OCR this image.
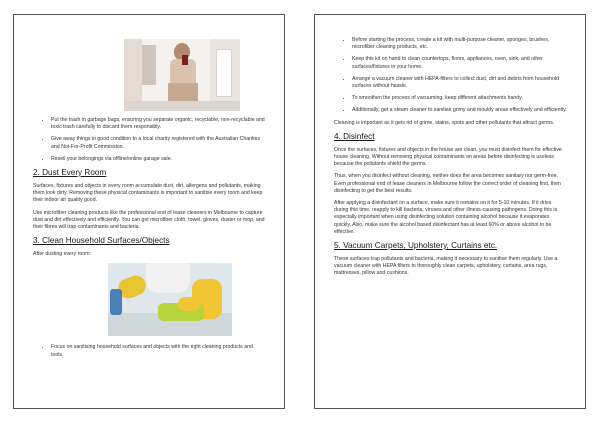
• Put the trash in garbage bags, ensuring you separate organic, recyclable, non-recyclable and toxic trash carefully to discard them responsibly.
• Give away things in good condition to a local charity registered with the Australian Charities and Not-For-Profit Commission.
• Resell your belongings via offline/online garage sale.
2. Dust Every Room

Surfaces, fixtures and objects in every room accumulate dust, dirt, allergens and pollutants, making them look dirty. Removing these physical contaminants is important to sanitise every room and keep their indoor air quality good.

Use microfiber cleaning products like the professional end of lease cleaners in Melbourne to capture dust and dirt effectively and efficiently. You can get microfiber cloth, towel, gloves, duster or mop, and their fibres will trap contaminants and bacteria.

3. Clean Household Surfaces/Objects

After dusting every room:

• Focus on sanitising household surfaces and objects with the right cleaning products and tools.
• Before starting the process, create a kit with multi-purpose cleaner, sponges, brushes, microfiber cleaning products, etc.
• Keep this kit on hand to clean countertops, floors, appliances, oven, sink, and other surfaces/fixtures in your home.
• Arrange a vacuum cleaner with HEPA-filters to collect dust, dirt and debris from household surfaces without hassle.
• To smoothen the process of vacuuming, keep different attachments handy.
• Additionally, get a steam cleaner to sanitise grimy and mouldy areas effectively and efficiently.

Cleaning is important as it gets rid of grime, stains, spots and other pollutants that attract germs.

4. Disinfect

Once the surfaces, fixtures and objects in the house are clean, you must disinfect them for effective house cleaning. Without removing physical contaminants on areas before disinfecting is useless because the pollutants shield the germs.

Thus, when you disinfect without cleaning, neither does the area becomes sanitary nor germ-free. Even professional end of lease cleaners in Melbourne follow the correct order of cleaning first, then disinfecting to get the best results.

After applying a disinfectant on a surface, make sure it remains on it for 5-10 minutes. If it dries during this time, reapply to kill bacteria, viruses and other illness-causing pathogens. Doing this is especially important when using disinfecting solution containing alcohol because it evaporates quickly. Also, make sure the alcohol based disinfectant has at least 60% or above alcohol to be effective.

5. Vacuum Carpets, Upholstery, Curtains etc.

These surfaces trap pollutants and bacteria, making it necessary to sanitise them regularly. Use a vacuum cleaner with HEPA filters to thoroughly clean carpets, upholstery, curtains, area rugs, mattresses, pillow and cushions.
